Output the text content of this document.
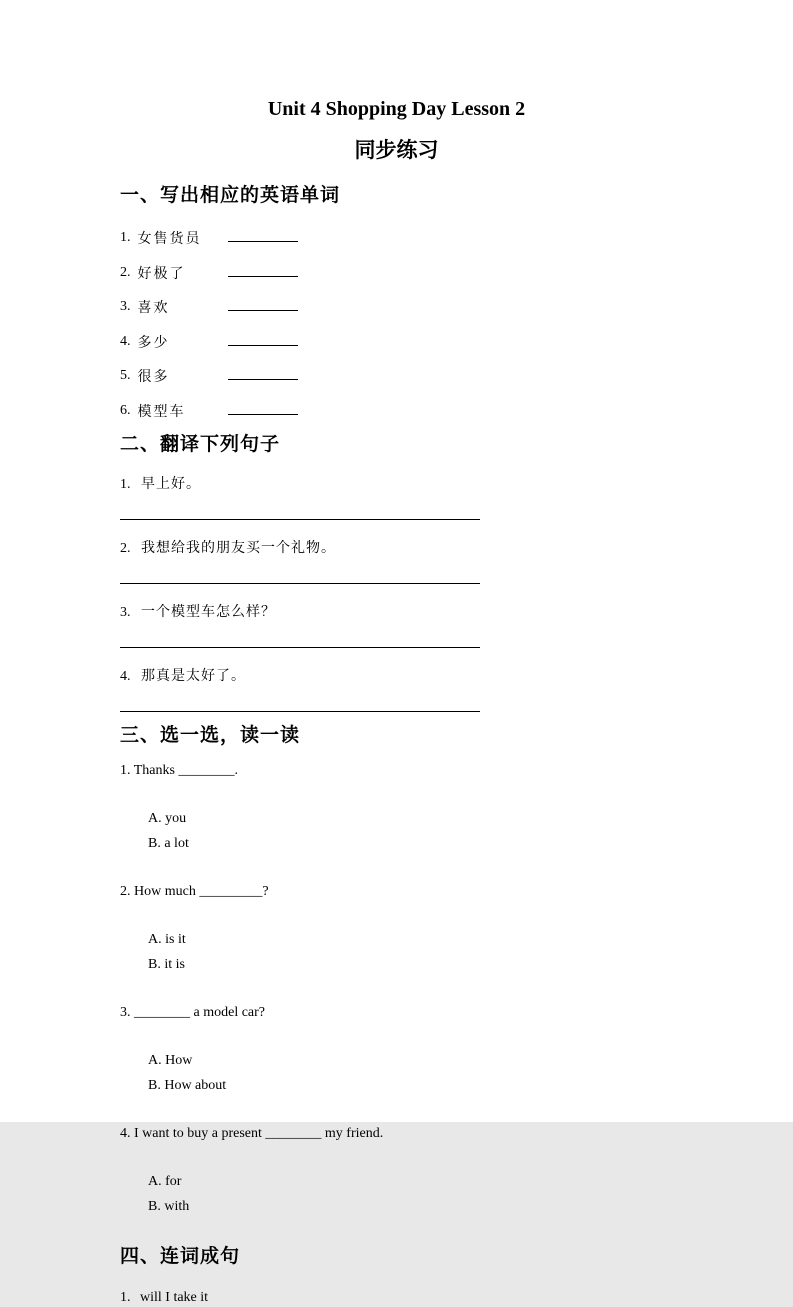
Unit 4 Shopping Day Lesson 2
同步练习
一、写出相应的英语单词
1. 女售货员
2. 好极了
3. 喜欢
4. 多少
5. 很多
6. 模型车
二、翻译下列句子
1. 早上好。
2. 我想给我的朋友买一个礼物。
3. 一个模型车怎么样？
4. 那真是太好了。
三、选一选，读一读
1. Thanks ________.

A. you
B. a lot

2. How much _________?

A. is it
B. it is

3. ________ a model car?

A. How
B. How about

4. I want to buy a present ________ my friend.

A. for
B. with

四、连词成句
1. will I take it
